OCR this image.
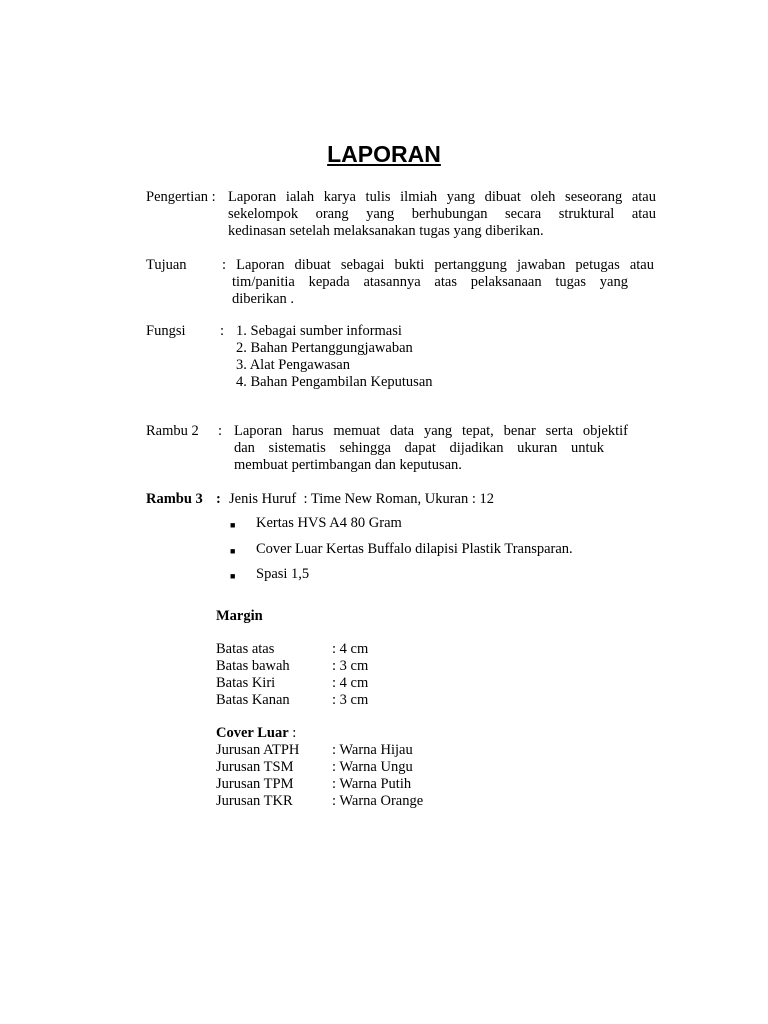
LAPORAN
Pengertian : Laporan ialah karya tulis ilmiah yang dibuat oleh seseorang atau
sekelompok orang yang berhubungan secara struktural atau
kedinasan setelah melaksanakan tugas yang diberikan.
Tujuan : Laporan dibuat sebagai bukti pertanggung jawaban petugas atau
tim/panitia kepada atasannya atas pelaksanaan tugas yang
diberikan .
Fungsi : 1. Sebagai sumber informasi
2. Bahan Pertanggungjawaban
3. Alat Pengawasan
4. Bahan Pengambilan Keputusan
Rambu 2 : Laporan harus memuat data yang tepat, benar serta objektif
dan sistematis sehingga dapat dijadikan ukuran untuk
membuat pertimbangan dan keputusan.
Rambu 3 : Jenis Huruf  : Time New Roman, Ukuran : 12
■ Kertas HVS A4 80 Gram
■ Cover Luar Kertas Buffalo dilapisi Plastik Transparan.
■ Spasi 1,5
Margin
Batas atas	: 4 cm
Batas bawah	: 3 cm
Batas Kiri	: 4 cm
Batas Kanan	: 3 cm
Cover Luar :
Jurusan ATPH : Warna Hijau
Jurusan TSM	: Warna Ungu
Jurusan TPM	: Warna Putih
Jurusan TKR	: Warna Orange
